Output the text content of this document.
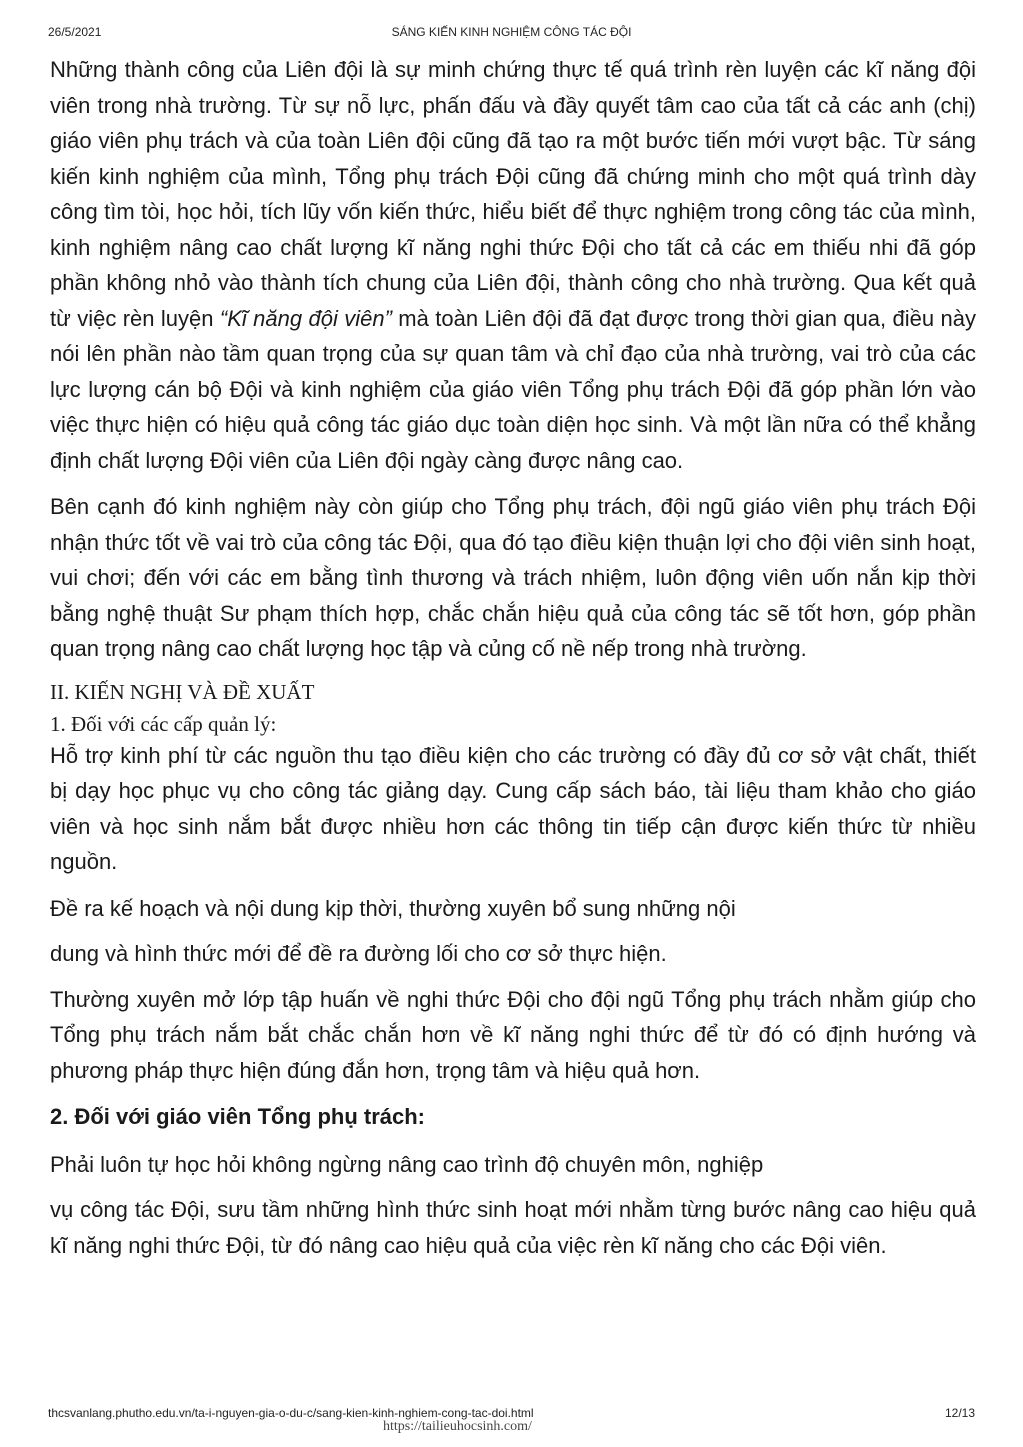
26/5/2021	SÁNG KIẾN KINH NGHIỆM CÔNG TÁC ĐỘI

Những thành công của Liên đội là sự minh chứng thực tế quá trình rèn luyện các kĩ năng đội viên trong nhà trường. Từ sự nỗ lực, phấn đấu và đầy quyết tâm cao của tất cả các anh (chị) giáo viên phụ trách và của toàn Liên đội cũng đã tạo ra một bước tiến mới vượt bậc. Từ sáng kiến kinh nghiệm của mình, Tổng phụ trách Đội cũng đã chứng minh cho một quá trình dày công tìm tòi, học hỏi, tích lũy vốn kiến thức, hiểu biết để thực nghiệm trong công tác của mình, kinh nghiệm nâng cao chất lượng kĩ năng nghi thức Đội cho tất cả các em thiếu nhi đã góp phần không nhỏ vào thành tích chung của Liên đội, thành công cho nhà trường. Qua kết quả từ việc rèn luyện “Kĩ năng đội viên” mà toàn Liên đội đã đạt được trong thời gian qua, điều này nói lên phần nào tầm quan trọng của sự quan tâm và chỉ đạo của nhà trường, vai trò của các lực lượng cán bộ Đội và kinh nghiệm của giáo viên Tổng phụ trách Đội đã góp phần lớn vào việc thực hiện có hiệu quả công tác giáo dục toàn diện học sinh. Và một lần nữa có thể khẳng định chất lượng Đội viên của Liên đội ngày càng được nâng cao.

Bên cạnh đó kinh nghiệm này còn giúp cho Tổng phụ trách, đội ngũ giáo viên phụ trách Đội nhận thức tốt về vai trò của công tác Đội, qua đó tạo điều kiện thuận lợi cho đội viên sinh hoạt, vui chơi; đến với các em bằng tình thương và trách nhiệm, luôn động viên uốn nắn kịp thời bằng nghệ thuật Sư phạm thích hợp, chắc chắn hiệu quả của công tác sẽ tốt hơn, góp phần quan trọng nâng cao chất lượng học tập và củng cố nề nếp trong nhà trường.

II. KIẾN NGHỊ VÀ ĐỀ XUẤT
1. Đối với các cấp quản lý:

Hỗ trợ kinh phí từ các nguồn thu tạo điều kiện cho các trường có đầy đủ cơ sở vật chất, thiết bị dạy học phục vụ cho công tác giảng dạy. Cung cấp sách báo, tài liệu tham khảo cho giáo viên và học sinh nắm bắt được nhiều hơn các thông tin tiếp cận được kiến thức từ nhiều nguồn.

Đề ra kế hoạch và nội dung kịp thời, thường xuyên bổ sung những nội

dung và hình thức mới để đề ra đường lối cho cơ sở thực hiện.

Thường xuyên mở lớp tập huấn về nghi thức Đội cho đội ngũ Tổng phụ trách nhằm giúp cho Tổng phụ trách nắm bắt chắc chắn hơn về kĩ năng nghi thức để từ đó có định hướng và phương pháp thực hiện đúng đắn hơn, trọng tâm và hiệu quả hơn.

2. Đối với giáo viên Tổng phụ trách:

Phải luôn tự học hỏi không ngừng nâng cao trình độ chuyên môn, nghiệp

vụ công tác Đội, sưu tầm những hình thức sinh hoạt mới nhằm từng bước nâng cao hiệu quả kĩ năng nghi thức Đội, từ đó nâng cao hiệu quả của việc rèn kĩ năng cho các Đội viên.

thcsvanlang.phutho.edu.vn/ta-i-nguyen-gia-o-du-c/sang-kien-kinh-nghiem-cong-tac-doi.html	12/13
https://tailieuhocsinh.com/
